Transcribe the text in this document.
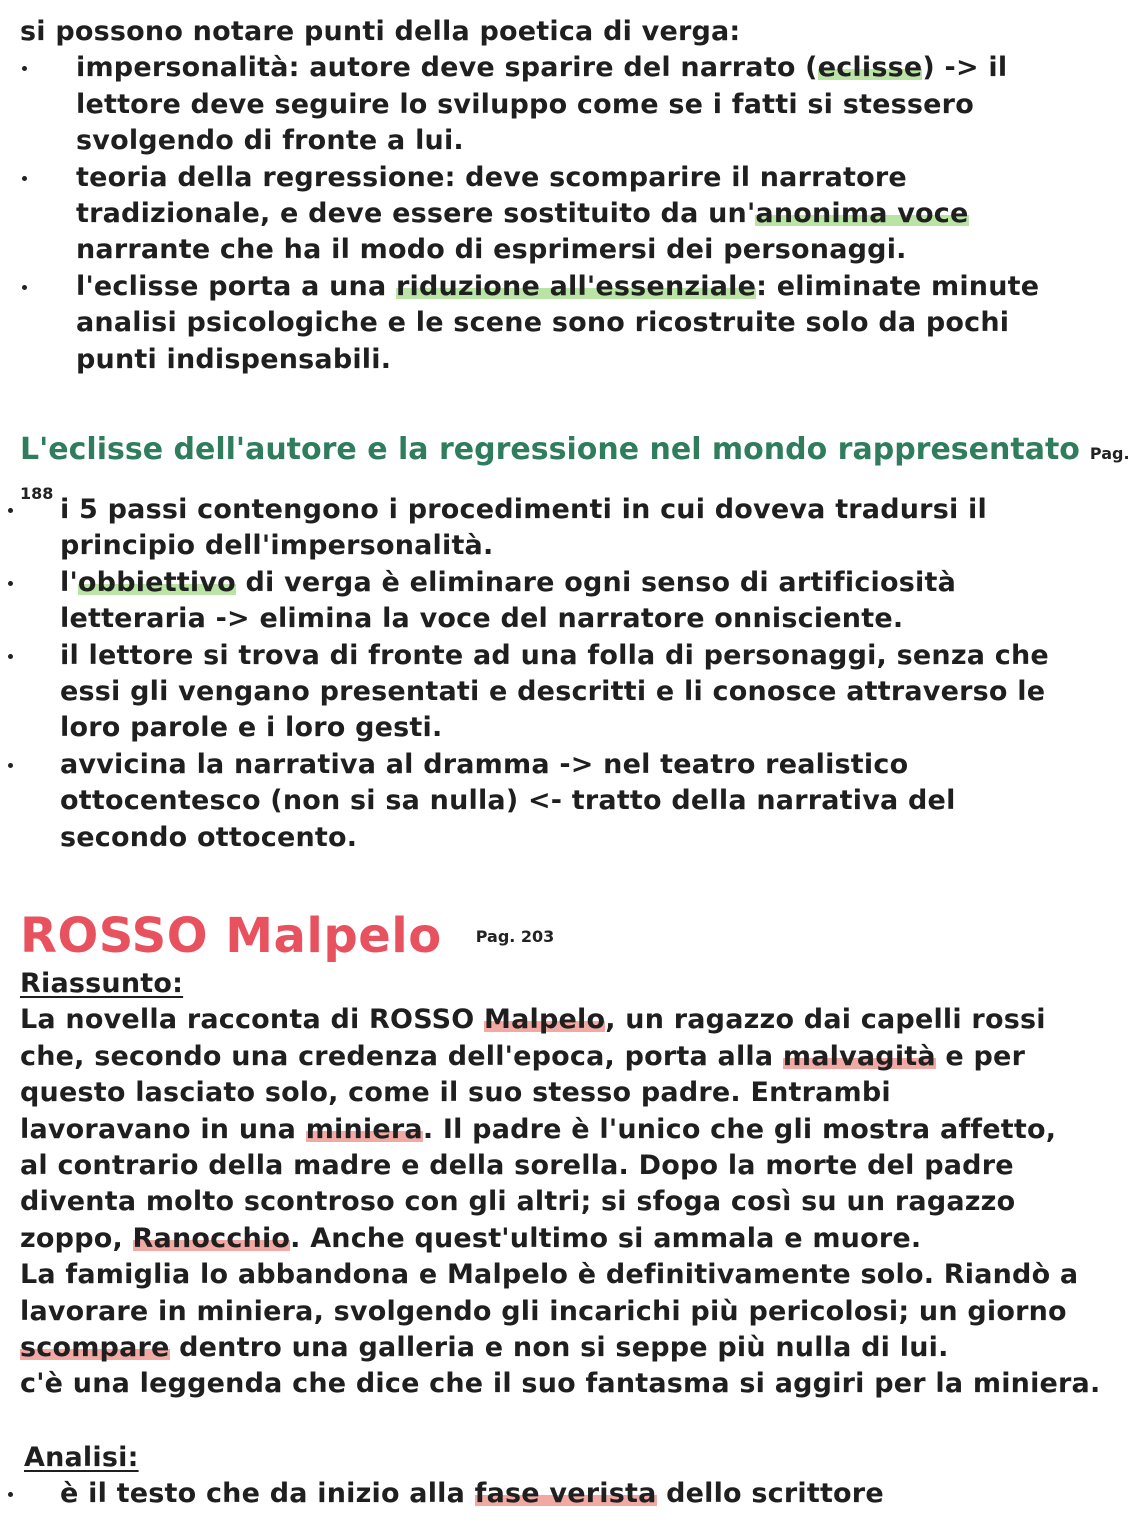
si possono notare punti della poetica di verga:
impersonalità: autore deve sparire del narrato (eclisse) -> il
lettore deve seguire lo sviluppo come se i fatti si stessero
svolgendo di fronte a lui.
teoria della regressione: deve scomparire il narratore
tradizionale, e deve essere sostituito da un'anonima voce
narrante che ha il modo di esprimersi dei personaggi.
l'eclisse porta a una riduzione all'essenziale: eliminate minute
analisi psicologiche e le scene sono ricostruite solo da pochi
punti indispensabili.
L'eclisse dell'autore e la regressione nel mondo rappresentato Pag. 188
i 5 passi contengono i procedimenti in cui doveva tradursi il
principio dell'impersonalità.
l'obbiettivo di verga è eliminare ogni senso di artificiosità
letteraria -> elimina la voce del narratore onnisciente.
il lettore si trova di fronte ad una folla di personaggi, senza che
essi gli vengano presentati e descritti e li conosce attraverso le
loro parole e i loro gesti.
avvicina la narrativa al dramma -> nel teatro realistico
ottocentesco (non si sa nulla) <- tratto della narrativa del
secondo ottocento.
ROSSO Malpelo Pag. 203
Riassunto:
La novella racconta di ROSSO Malpelo, un ragazzo dai capelli rossi
che, secondo una credenza dell'epoca, porta alla malvagità e per
questo lasciato solo, come il suo stesso padre. Entrambi
lavoravano in una miniera. Il padre è l'unico che gli mostra affetto,
al contrario della madre e della sorella. Dopo la morte del padre
diventa molto scontroso con gli altri; si sfoga così su un ragazzo
zoppo, Ranocchio. Anche quest'ultimo si ammala e muore.
La famiglia lo abbandona e Malpelo è definitivamente solo. Riandò a
lavorare in miniera, svolgendo gli incarichi più pericolosi; un giorno
scompare dentro una galleria e non si seppe più nulla di lui.
c'è una leggenda che dice che il suo fantasma si aggiri per la miniera.
Analisi:
è il testo che da inizio alla fase verista dello scrittore
